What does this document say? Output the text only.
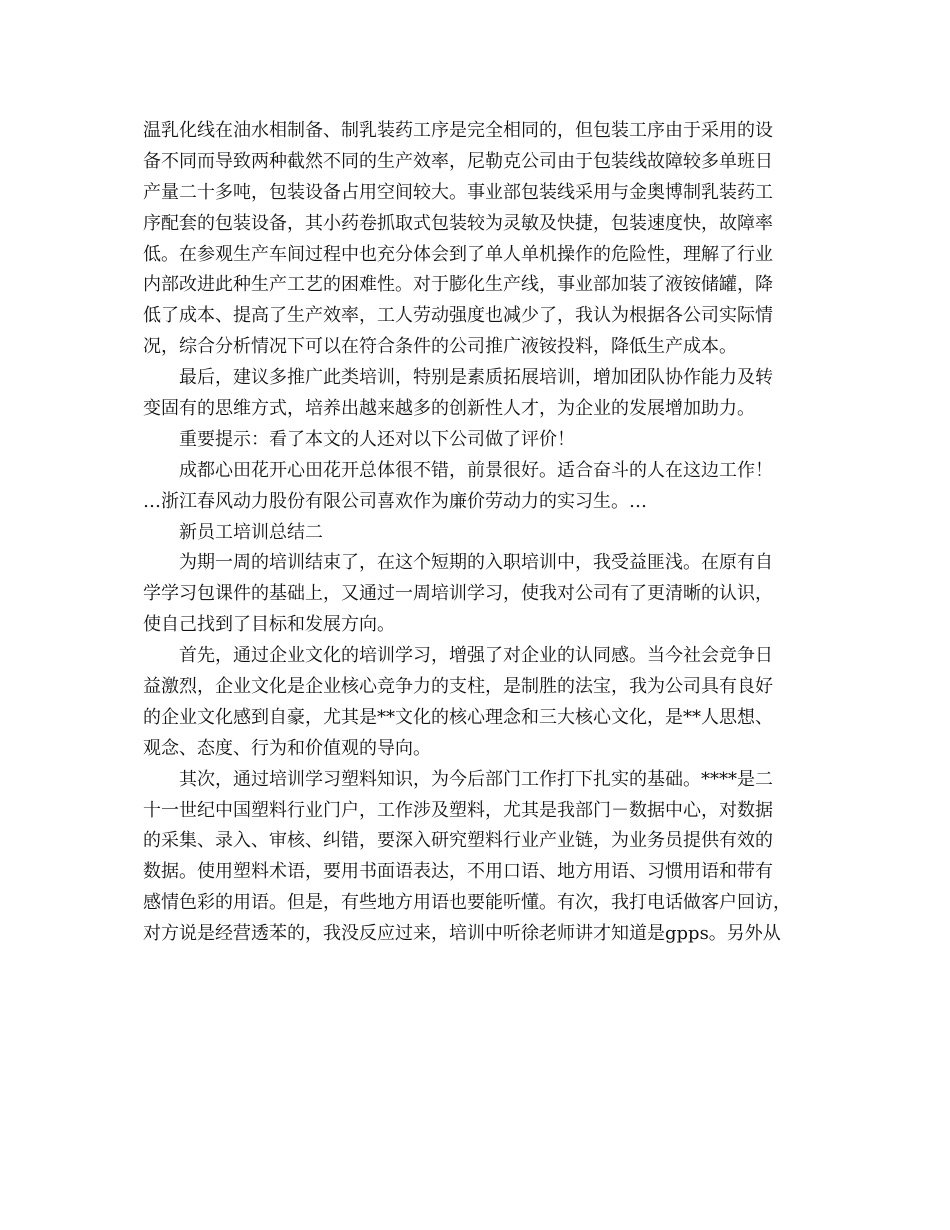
温乳化线在油水相制备、制乳装药工序是完全相同的，但包装工序由于采用的设
备不同而导致两种截然不同的生产效率，尼勒克公司由于包装线故障较多单班日
产量二十多吨，包装设备占用空间较大。事业部包装线采用与金奥博制乳装药工
序配套的包装设备，其小药卷抓取式包装较为灵敏及快捷，包装速度快，故障率
低。在参观生产车间过程中也充分体会到了单人单机操作的危险性，理解了行业
内部改进此种生产工艺的困难性。对于膨化生产线，事业部加装了液铵储罐，降
低了成本、提高了生产效率，工人劳动强度也减少了，我认为根据各公司实际情
况，综合分析情况下可以在符合条件的公司推广液铵投料，降低生产成本。
最后，建议多推广此类培训，特别是素质拓展培训，增加团队协作能力及转
变固有的思维方式，培养出越来越多的创新性人才，为企业的发展增加助力。
重要提示：看了本文的人还对以下公司做了评价！
成都心田花开心田花开总体很不错，前景很好。适合奋斗的人在这边工作！
…浙江春风动力股份有限公司喜欢作为廉价劳动力的实习生。…
新员工培训总结二
为期一周的培训结束了，在这个短期的入职培训中，我受益匪浅。在原有自
学学习包课件的基础上，又通过一周培训学习，使我对公司有了更清晰的认识，
使自己找到了目标和发展方向。
首先，通过企业文化的培训学习，增强了对企业的认同感。当今社会竞争日
益激烈，企业文化是企业核心竞争力的支柱，是制胜的法宝，我为公司具有良好
的企业文化感到自豪，尤其是**文化的核心理念和三大核心文化，是**人思想、
观念、态度、行为和价值观的导向。
其次，通过培训学习塑料知识，为今后部门工作打下扎实的基础。****是二
十一世纪中国塑料行业门户，工作涉及塑料，尤其是我部门－数据中心，对数据
的采集、录入、审核、纠错，要深入研究塑料行业产业链，为业务员提供有效的
数据。使用塑料术语，要用书面语表达，不用口语、地方用语、习惯用语和带有
感情色彩的用语。但是，有些地方用语也要能听懂。有次，我打电话做客户回访，
对方说是经营透苯的，我没反应过来，培训中听徐老师讲才知道是gpps。另外从
